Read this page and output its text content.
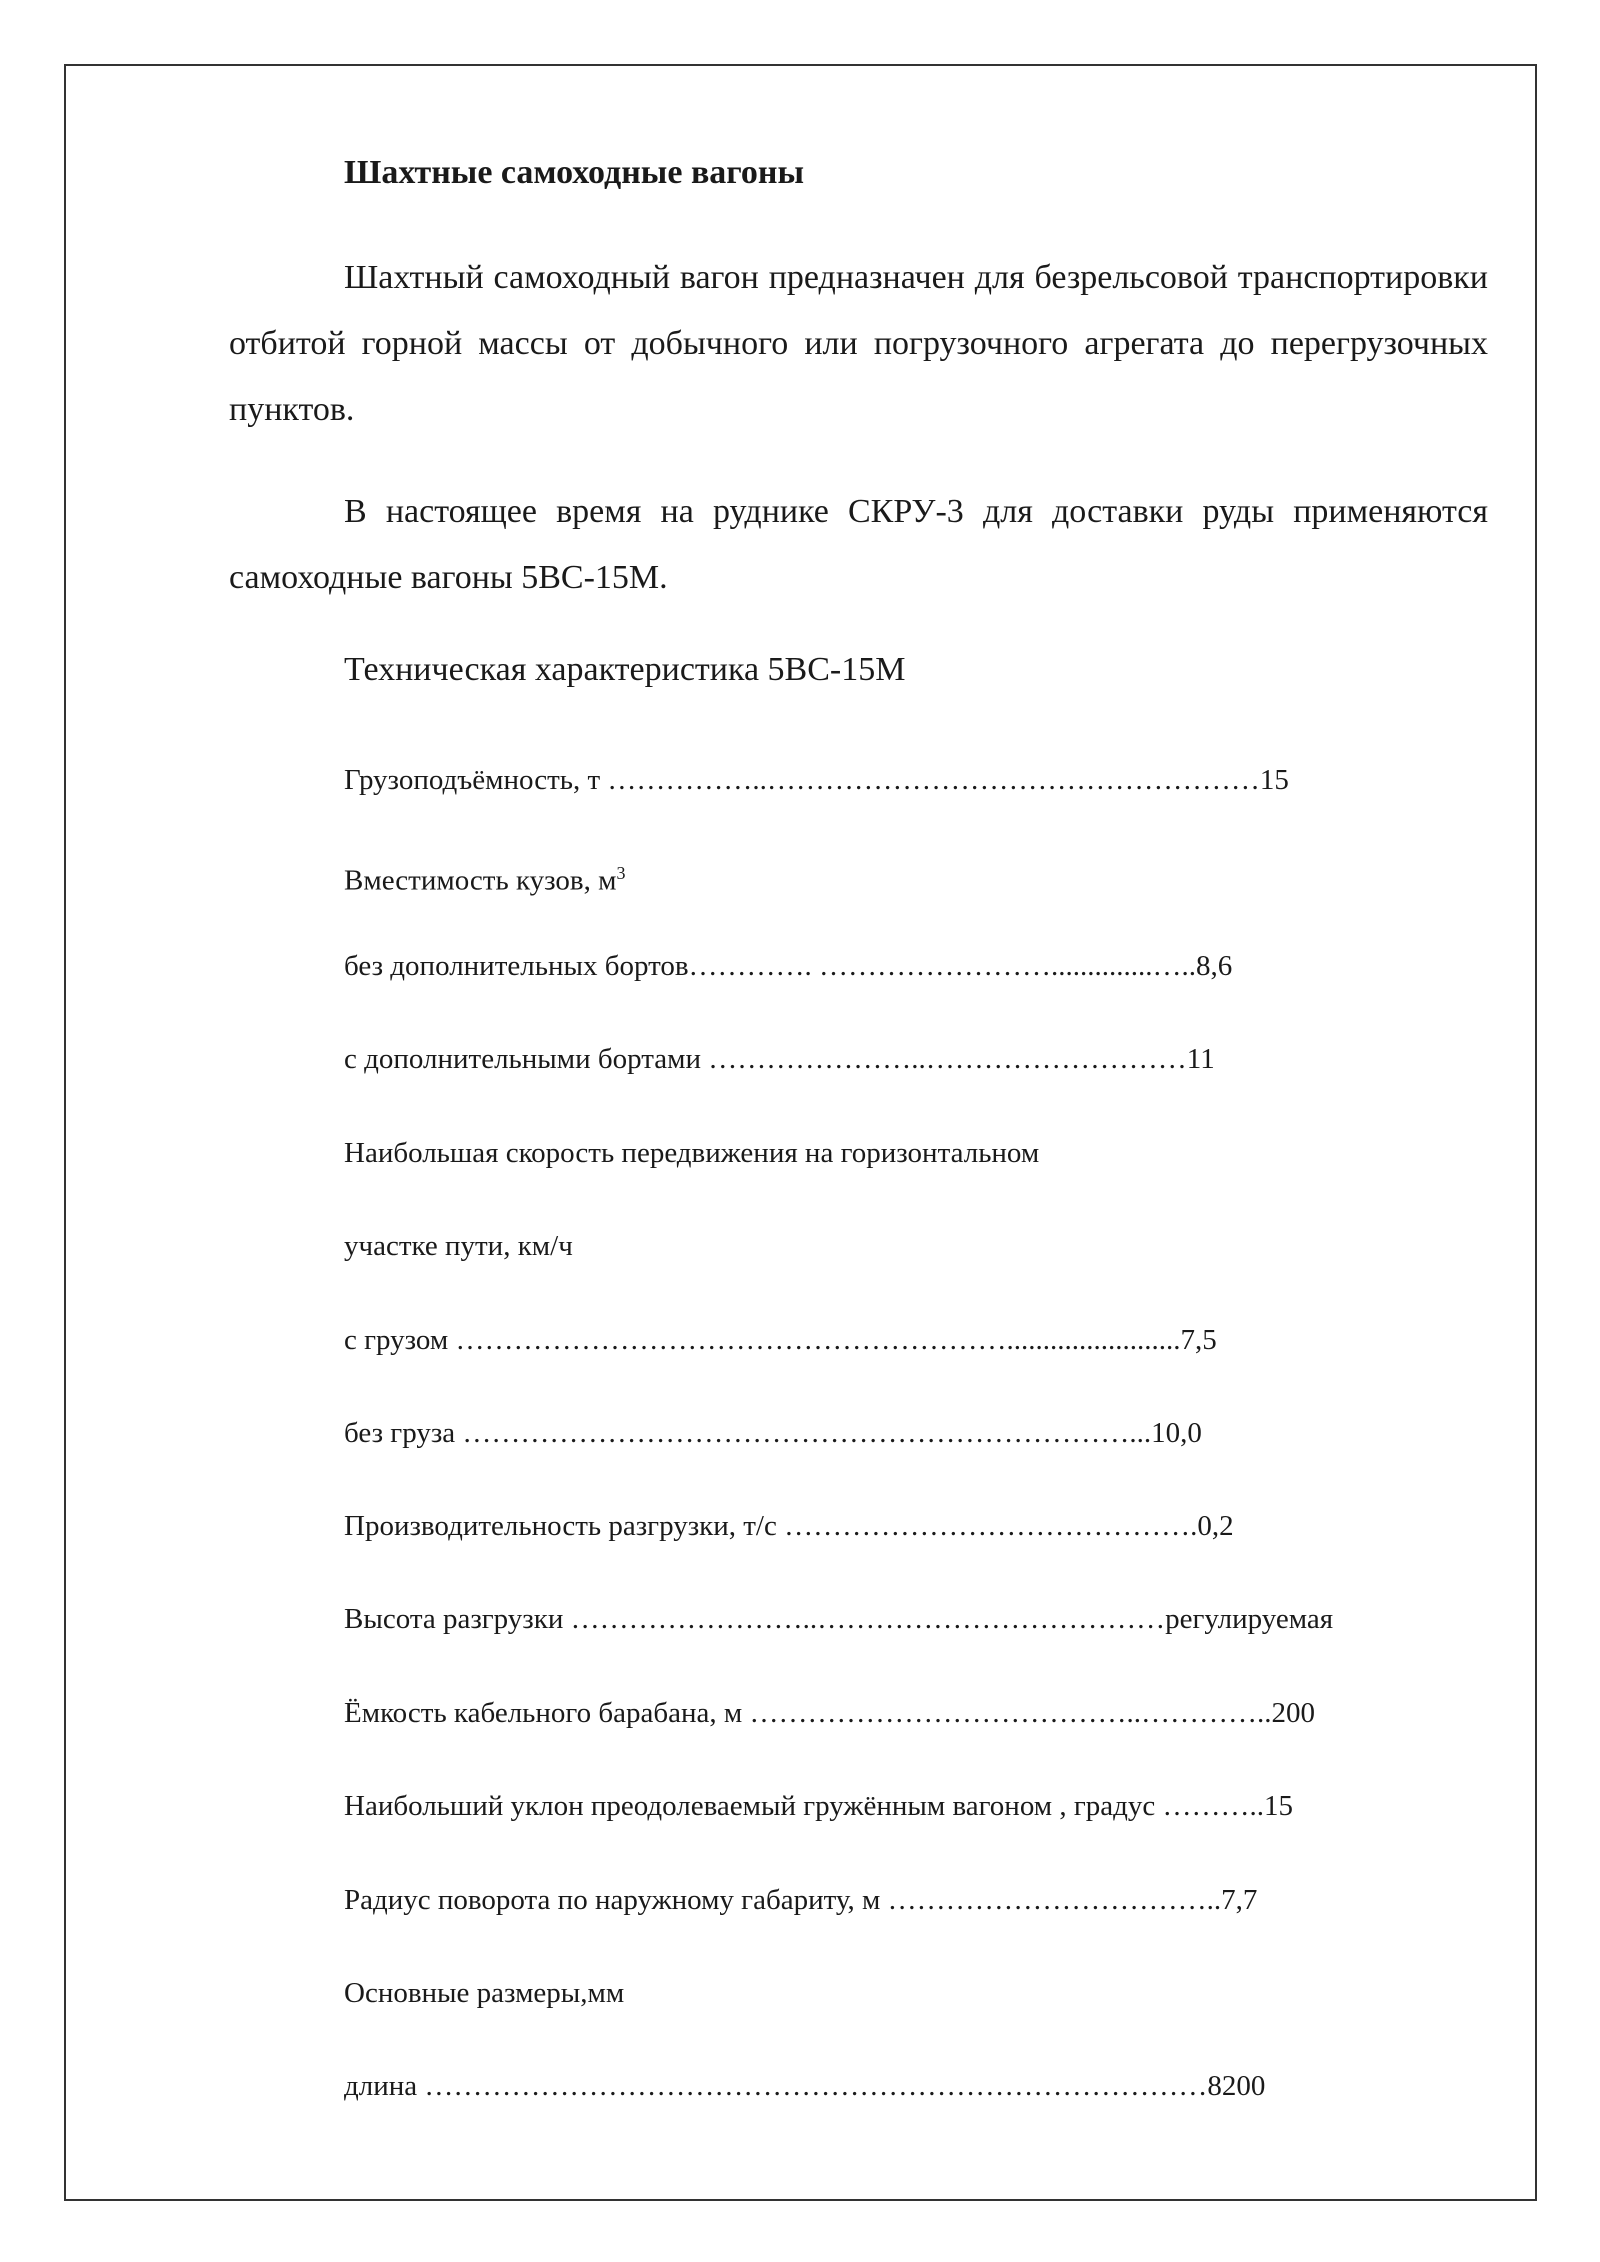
Шахтные самоходные вагоны

Шахтный самоходный вагон предназначен для безрельсовой транспортировки отбитой горной массы от добычного или погрузочного агрегата до перегрузочных пунктов.

В настоящее время на руднике СКРУ-3 для доставки руды применяются самоходные вагоны 5ВС-15М.

Техническая характеристика 5ВС-15М

Грузоподъёмность, т ……………..……………………………………………15

Вместимость кузов, $м^3$

без дополнительных бортов…………. ……………………..............…..8,6

с дополнительными бортами …………………..………………………11

Наибольшая скорость передвижения на горизонтальном

участке пути, км/ч

с грузом …………………………………………………........................7,5

без груза ……………………………………………………………...10,0

Производительность разгрузки, т/с …………………………………….0,2

Высота разгрузки ……………………..………………………………регулируемая

Ёмкость кабельного барабана, м …………………………………..…………..200

Наибольший уклон преодолеваемый гружённым вагоном , градус ………..15

Радиус поворота по наружному габариту, м ……………………………..7,7

Основные размеры,мм

длина ………………………………………………………………………8200
